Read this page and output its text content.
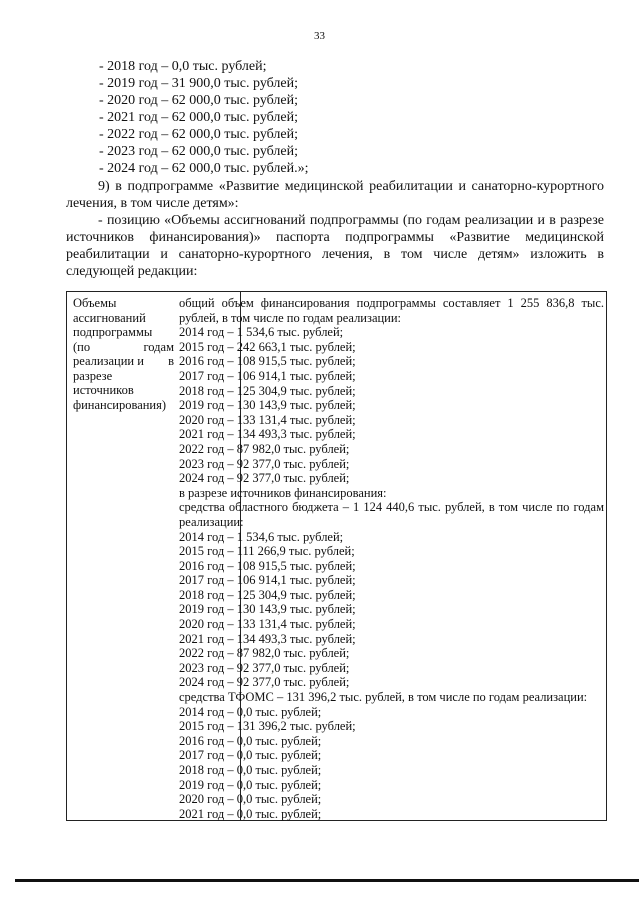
33
- 2018 год – 0,0 тыс. рублей;
- 2019 год – 31 900,0 тыс. рублей;
- 2020 год – 62 000,0 тыс. рублей;
- 2021 год – 62 000,0 тыс. рублей;
- 2022 год – 62 000,0 тыс. рублей;
- 2023 год – 62 000,0 тыс. рублей;
- 2024 год – 62 000,0 тыс. рублей.»;
9) в подпрограмме «Развитие медицинской реабилитации и санаторно-курортного лечения, в том числе детям»:
- позицию «Объемы ассигнований подпрограммы (по годам реализации и в разрезе источников финансирования)» паспорта подпрограммы «Развитие медицинской реабилитации и санаторно-курортного лечения, в том числе детям» изложить в следующей редакции:
Объемы
ассигнований
подпрограммы
(по	годам
реализации и в
разрезе
источников
финансирования)
общий объем финансирования подпрограммы составляет 1 255 836,8 тыс. рублей, в том числе по годам реализации:
2014 год – 1 534,6 тыс. рублей;
2015 год – 242 663,1 тыс. рублей;
2016 год – 108 915,5 тыс. рублей;
2017 год – 106 914,1 тыс. рублей;
2018 год – 125 304,9 тыс. рублей;
2019 год – 130 143,9 тыс. рублей;
2020 год – 133 131,4 тыс. рублей;
2021 год – 134 493,3 тыс. рублей;
2022 год – 87 982,0 тыс. рублей;
2023 год – 92 377,0 тыс. рублей;
2024 год – 92 377,0 тыс. рублей;
в разрезе источников финансирования:
средства областного бюджета – 1 124 440,6 тыс. рублей, в том числе по годам реализации:
2014 год – 1 534,6 тыс. рублей;
2015 год – 111 266,9 тыс. рублей;
2016 год – 108 915,5 тыс. рублей;
2017 год – 106 914,1 тыс. рублей;
2018 год – 125 304,9 тыс. рублей;
2019 год – 130 143,9 тыс. рублей;
2020 год – 133 131,4 тыс. рублей;
2021 год – 134 493,3 тыс. рублей;
2022 год – 87 982,0 тыс. рублей;
2023 год – 92 377,0 тыс. рублей;
2024 год – 92 377,0 тыс. рублей;
средства ТФОМС – 131 396,2 тыс. рублей, в том числе по годам реализации:
2014 год – 0,0 тыс. рублей;
2015 год – 131 396,2 тыс. рублей;
2016 год – 0,0 тыс. рублей;
2017 год – 0,0 тыс. рублей;
2018 год – 0,0 тыс. рублей;
2019 год – 0,0 тыс. рублей;
2020 год – 0,0 тыс. рублей;
2021 год – 0,0 тыс. рублей;
